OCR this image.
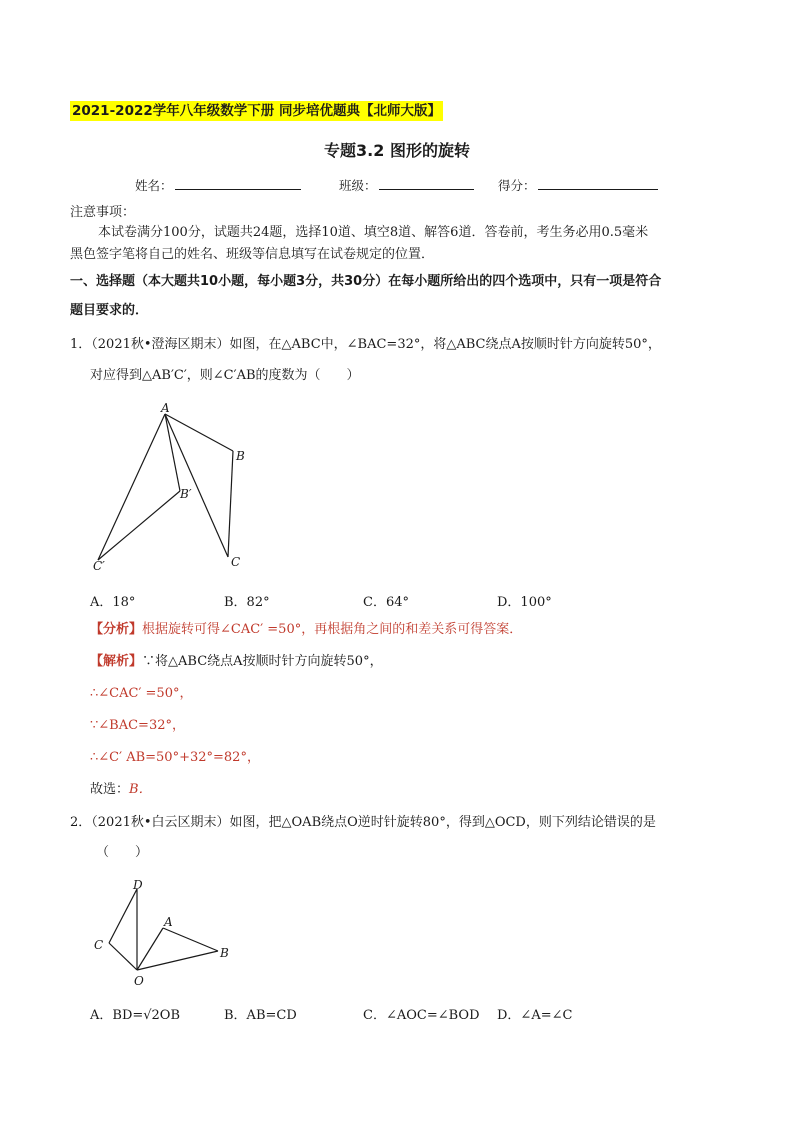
2021-2022学年八年级数学下册 同步培优题典【北师大版】
专题3.2 图形的旋转
姓名：	班级：	得分：
注意事项：
本试卷满分100分，试题共24题，选择10道、填空8道、解答6道．答卷前，考生务必用0.5毫米
黑色签字笔将自己的姓名、班级等信息填写在试卷规定的位置．
一、选择题（本大题共10小题，每小题3分，共30分）在每小题所给出的四个选项中，只有一项是符合
题目要求的．
1．（2021秋•澄海区期末）如图，在△ABC中，∠BAC=32°，将△ABC绕点A按顺时针方向旋转50°，
对应得到△AB′C′，则∠C′AB的度数为（　　）
A
B
B′
C
C′
D
A
C
B
O
A．18°	B．82°	C．64°	D．100°
【分析】根据旋转可得∠CAC′ =50°，再根据角之间的和差关系可得答案．
【解析】∵将△ABC绕点A按顺时针方向旋转50°，
∴∠CAC′ =50°，
∵∠BAC=32°，
∴∠C′ AB=50°+32°=82°，
故选：B．
2．（2021秋•白云区期末）如图，把△OAB绕点O逆时针旋转80°，得到△OCD，则下列结论错误的是
（　　）
A．BD=√2OB	B．AB=CD	C．∠AOC=∠BOD D．∠A=∠C
